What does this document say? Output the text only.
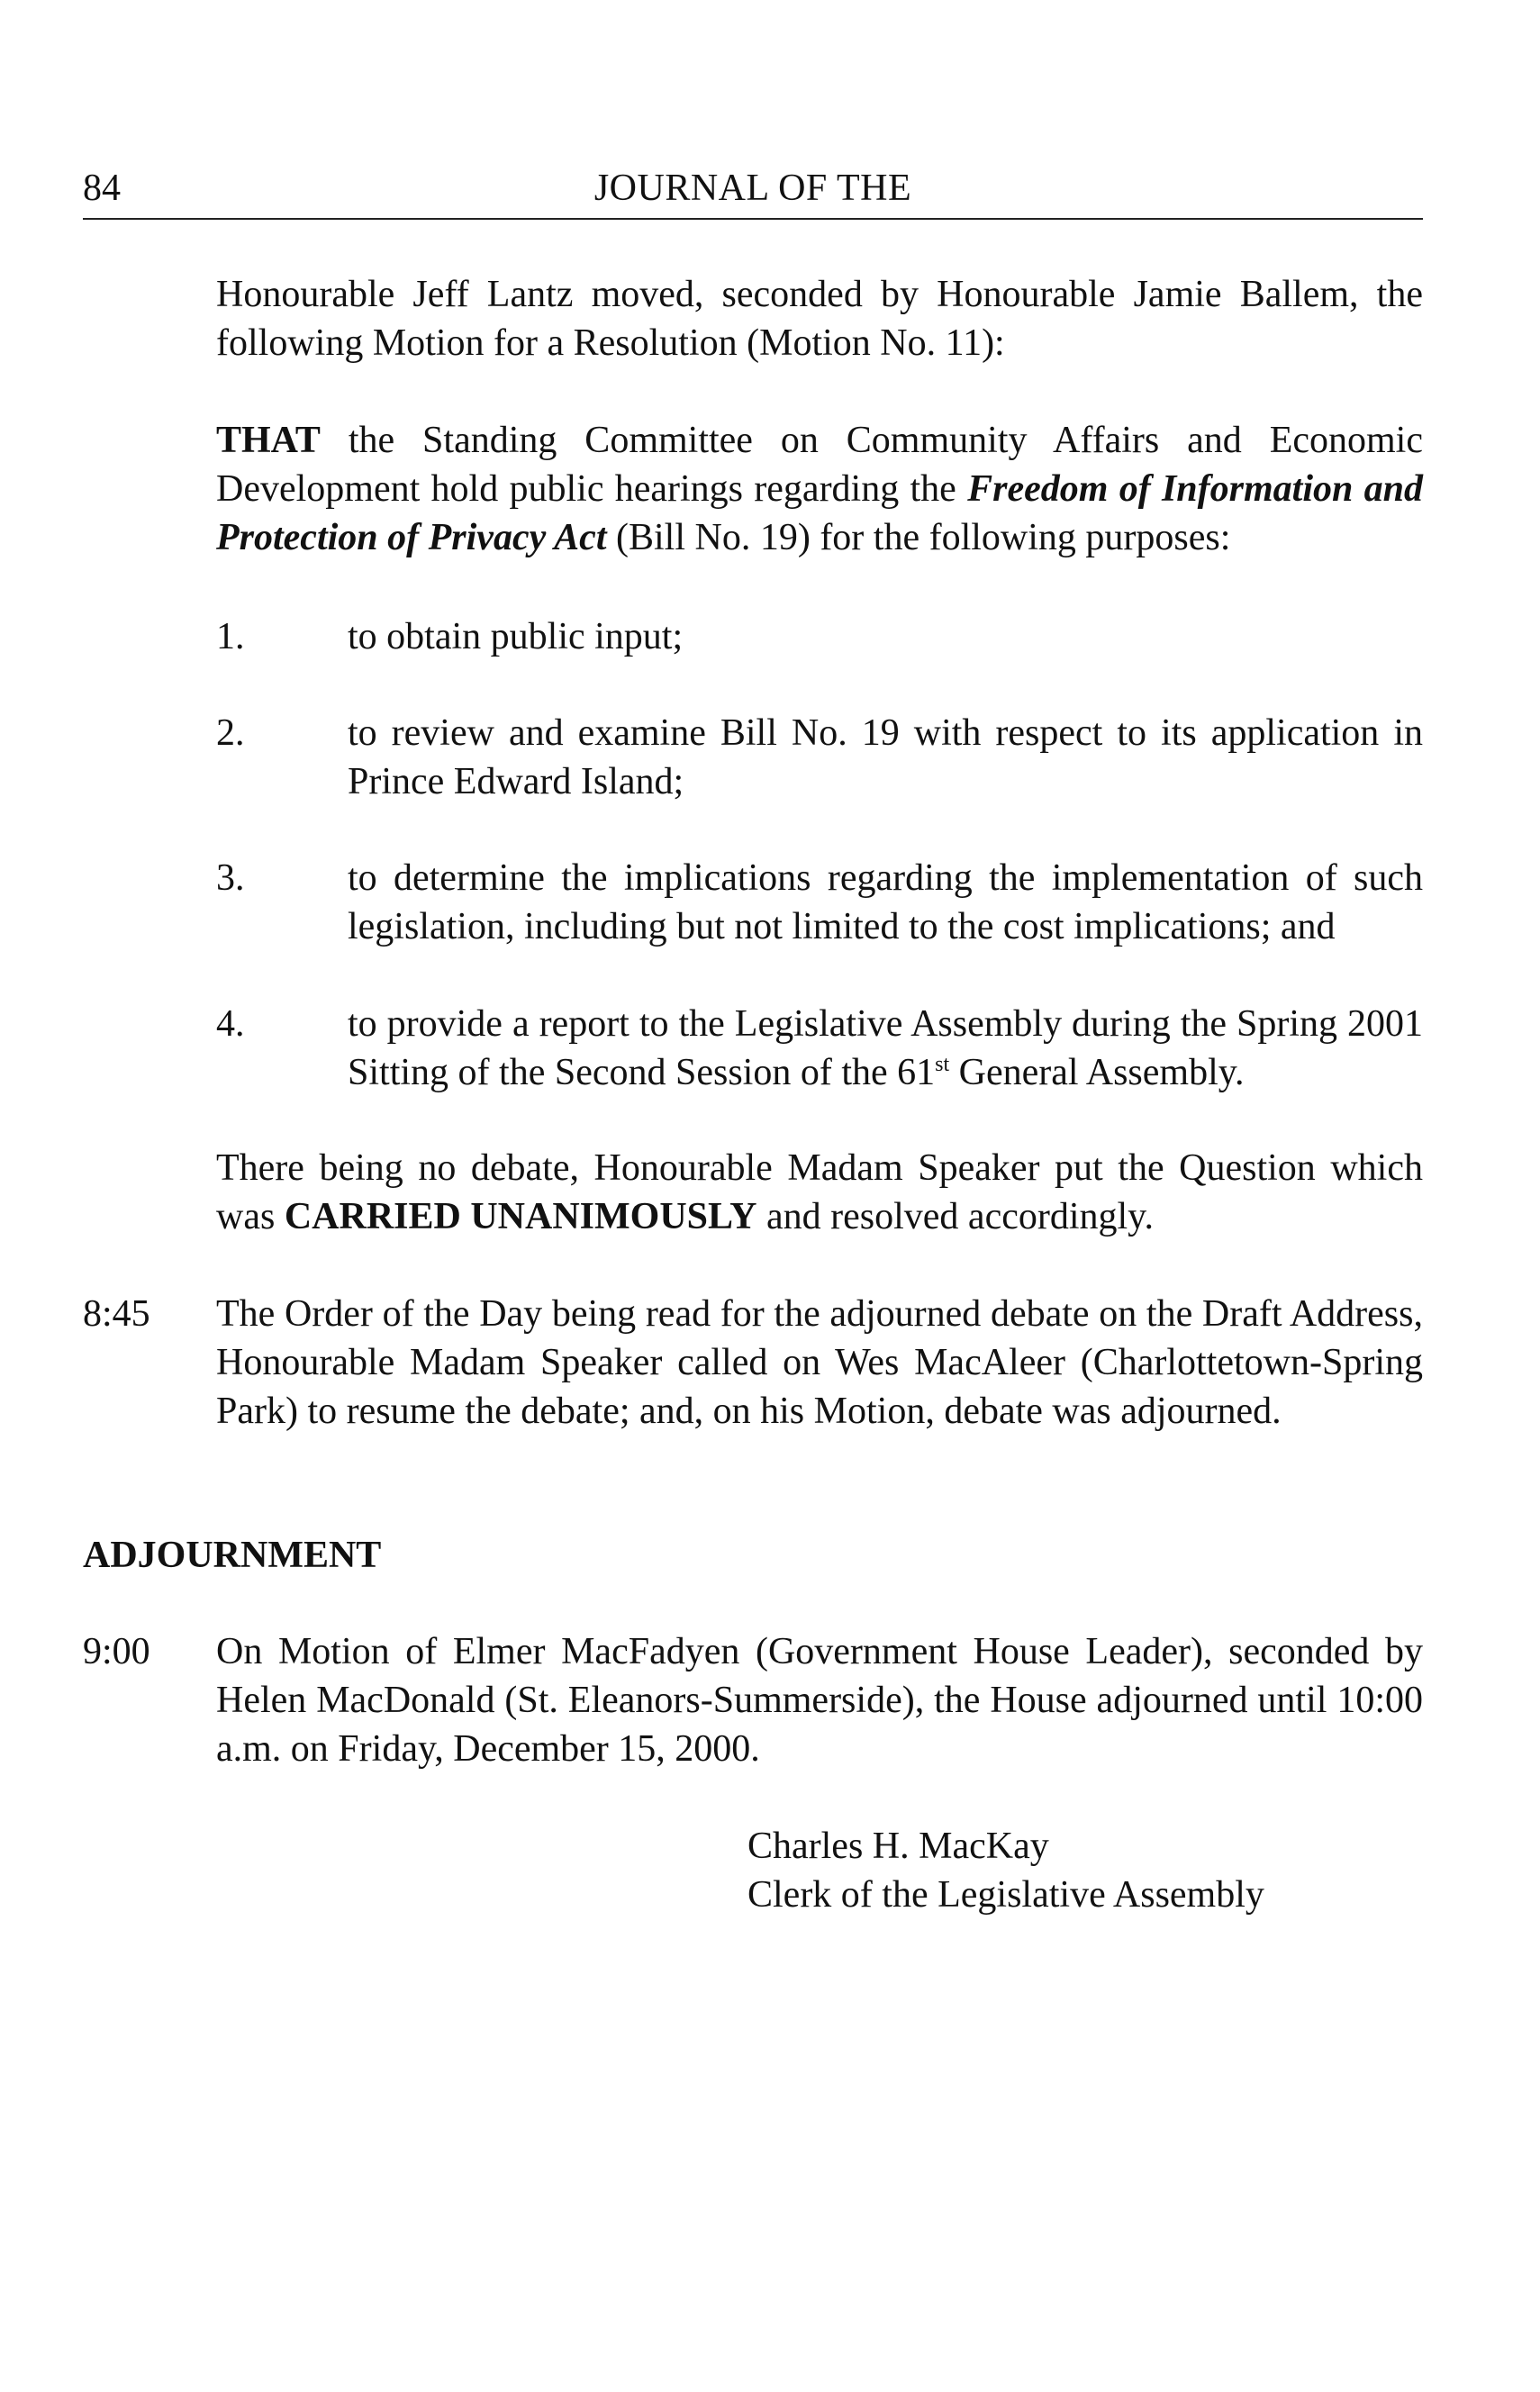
84	JOURNAL OF THE
Honourable Jeff Lantz moved, seconded by Honourable Jamie Ballem, the following Motion for a Resolution (Motion No. 11):
THAT the Standing Committee on Community Affairs and Economic Development hold public hearings regarding the Freedom of Information and Protection of Privacy Act (Bill No. 19) for the following purposes:
1.	to obtain public input;
2.	to review and examine Bill No. 19 with respect to its application in Prince Edward Island;
3.	to determine the implications regarding the implementation of such legislation, including but not limited to the cost implications; and
4.	to provide a report to the Legislative Assembly during the Spring 2001 Sitting of the Second Session of the 61st General Assembly.
There being no debate, Honourable Madam Speaker put the Question which was CARRIED UNANIMOUSLY and resolved accordingly.
8:45 The Order of the Day being read for the adjourned debate on the Draft Address, Honourable Madam Speaker called on Wes MacAleer (Charlottetown-Spring Park) to resume the debate; and, on his Motion, debate was adjourned.
ADJOURNMENT
9:00 On Motion of Elmer MacFadyen (Government House Leader), seconded by Helen MacDonald (St. Eleanors-Summerside), the House adjourned until 10:00 a.m. on Friday, December 15, 2000.
Charles H. MacKay
Clerk of the Legislative Assembly
